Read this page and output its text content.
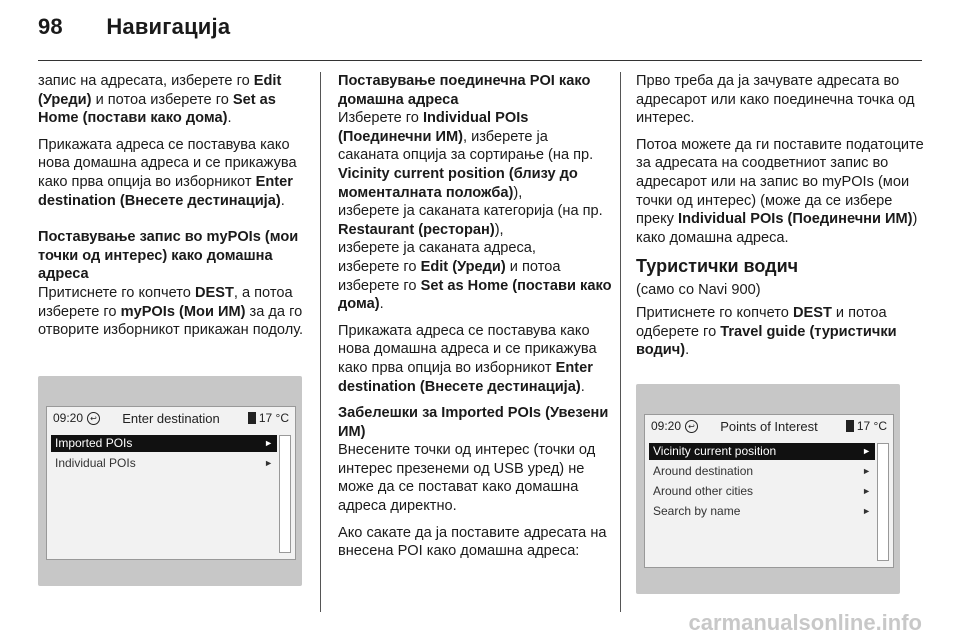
98 Навигација

запис на адресата, изберете го Edit (Уреди) и потоа изберете го Set as Home (постави како дома).

Прикажата адреса се поставува како нова домашна адреса и се прикажува како прва опција во изборникот Enter destination (Внесете дестинација).

Поставување запис во myPOIs (мои точки од интерес) како домашна адреса

Притиснете го копчето DEST, а потоа изберете го myPOIs (Мои ИМ) за да го отворите изборникот прикажан подолу.

09:20 ↩	Enter destination	17 °C
Imported POIs	►
Individual POIs	►
Поставување поединечна POI како домашна адреса
Изберете го Individual POIs (Поединечни ИМ), изберете ја саканата опција за сортирање (на пр. Vicinity current position (близу до моменталната положба)),
изберете ја саканата категорија (на пр. Restaurant (ресторан)),
изберете ја саканата адреса,

изберете го Edit (Уреди) и потоа изберете го Set as Home (постави како дома).

Прикажата адреса се поставува како нова домашна адреса и се прикажува како прва опција во изборникот Enter destination (Внесете дестинација).

Забелешки за Imported POIs (Увезени ИМ)

Внесените точки од интерес (точки од интерес презенеми од USB уред) не може да се постават како домашна адреса директно.

Ако сакате да ја поставите адресата на внесена POI како домашна адреса:

Прво треба да ја зачувате адресата во адресарот или како поединечна точка од интерес.

Потоа можете да ги поставите податоците за адресата на соодветниот запис во адресарот или на запис во myPOIs (мои точки од интерес) (може да се избере преку Individual POIs (Поединечни ИМ)) како домашна адреса.

Туристички водич

(само со Navi 900)

Притиснете го копчето DEST и потоа одберете го Travel guide (туристички водич).

09:20 ↩	Points of Interest	17 °C
Vicinity current position	►
Around destination	►
Around other cities	►
Search by name	►
carmanualsonline.info
